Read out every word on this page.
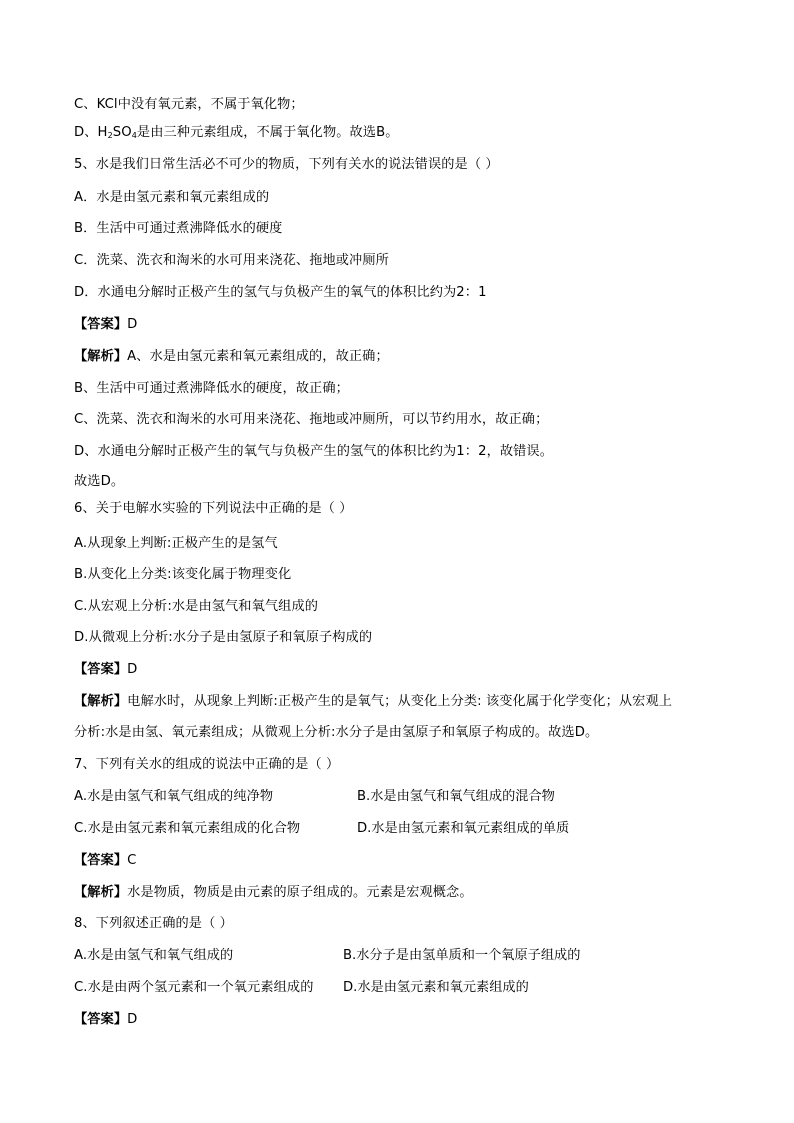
C、KCl中没有氧元素，不属于氧化物；
D、$H_2SO_4$是由三种元素组成，不属于氧化物。故选B。
5、水是我们日常生活必不可少的物质，下列有关水的说法错误的是（ ）
A．水是由氢元素和氧元素组成的
B．生活中可通过煮沸降低水的硬度
C．洗菜、洗衣和淘米的水可用来浇花、拖地或冲厕所
D．水通电分解时正极产生的氢气与负极产生的氧气的体积比约为2：1
【答案】D
【解析】A、水是由氢元素和氧元素组成的，故正确；
B、生活中可通过煮沸降低水的硬度，故正确；
C、洗菜、洗衣和淘米的水可用来浇花、拖地或冲厕所，可以节约用水，故正确；
D、水通电分解时正极产生的氧气与负极产生的氢气的体积比约为1：2，故错误。
故选D。
6、关于电解水实验的下列说法中正确的是（ ）
A.从现象上判断:正极产生的是氢气
B.从变化上分类:该变化属于物理变化
C.从宏观上分析:水是由氢气和氧气组成的
D.从微观上分析:水分子是由氢原子和氧原子构成的
【答案】D
【解析】电解水时，从现象上判断:正极产生的是氧气；从变化上分类: 该变化属于化学变化；从宏观上
分析:水是由氢、氧元素组成；从微观上分析:水分子是由氢原子和氧原子构成的。故选D。
7、下列有关水的组成的说法中正确的是（ ）
A.水是由氢气和氧气组成的纯净物	B.水是由氢气和氧气组成的混合物
C.水是由氢元素和氧元素组成的化合物	D.水是由氢元素和氧元素组成的单质
【答案】C
【解析】水是物质，物质是由元素的原子组成的。元素是宏观概念。
8、下列叙述正确的是（ ）
A.水是由氢气和氧气组成的	B.水分子是由氢单质和一个氧原子组成的
C.水是由两个氢元素和一个氧元素组成的 D.水是由氢元素和氧元素组成的
【答案】D
